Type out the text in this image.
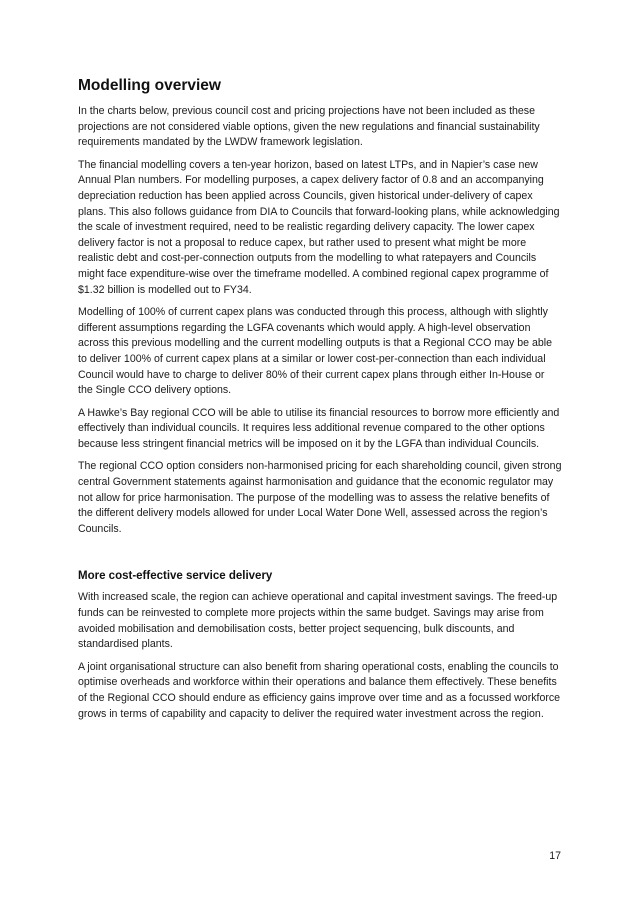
Modelling overview

In the charts below, previous council cost and pricing projections have not been included as these projections are not considered viable options, given the new regulations and financial sustainability requirements mandated by the LWDW framework legislation.

The financial modelling covers a ten-year horizon, based on latest LTPs, and in Napier’s case new Annual Plan numbers. For modelling purposes, a capex delivery factor of 0.8 and an accompanying depreciation reduction has been applied across Councils, given historical under-delivery of capex plans. This also follows guidance from DIA to Councils that forward-looking plans, while acknowledging the scale of investment required, need to be realistic regarding delivery capacity. The lower capex delivery factor is not a proposal to reduce capex, but rather used to present what might be more realistic debt and cost-per-connection outputs from the modelling to what ratepayers and Councils might face expenditure-wise over the timeframe modelled. A combined regional capex programme of $1.32 billion is modelled out to FY34.

Modelling of 100% of current capex plans was conducted through this process, although with slightly different assumptions regarding the LGFA covenants which would apply. A high-level observation across this previous modelling and the current modelling outputs is that a Regional CCO may be able to deliver 100% of current capex plans at a similar or lower cost-per-connection than each individual Council would have to charge to deliver 80% of their current capex plans through either In-House or the Single CCO delivery options.

A Hawke’s Bay regional CCO will be able to utilise its financial resources to borrow more efficiently and effectively than individual councils. It requires less additional revenue compared to the other options because less stringent financial metrics will be imposed on it by the LGFA than individual Councils.

The regional CCO option considers non-harmonised pricing for each shareholding council, given strong central Government statements against harmonisation and guidance that the economic regulator may not allow for price harmonisation. The purpose of the modelling was to assess the relative benefits of the different delivery models allowed for under Local Water Done Well, assessed across the region’s Councils.

More cost-effective service delivery

With increased scale, the region can achieve operational and capital investment savings. The freed-up funds can be reinvested to complete more projects within the same budget. Savings may arise from avoided mobilisation and demobilisation costs, better project sequencing, bulk discounts, and standardised plants.

A joint organisational structure can also benefit from sharing operational costs, enabling the councils to optimise overheads and workforce within their operations and balance them effectively. These benefits of the Regional CCO should endure as efficiency gains improve over time and as a focussed workforce grows in terms of capability and capacity to deliver the required water investment across the region.

17
